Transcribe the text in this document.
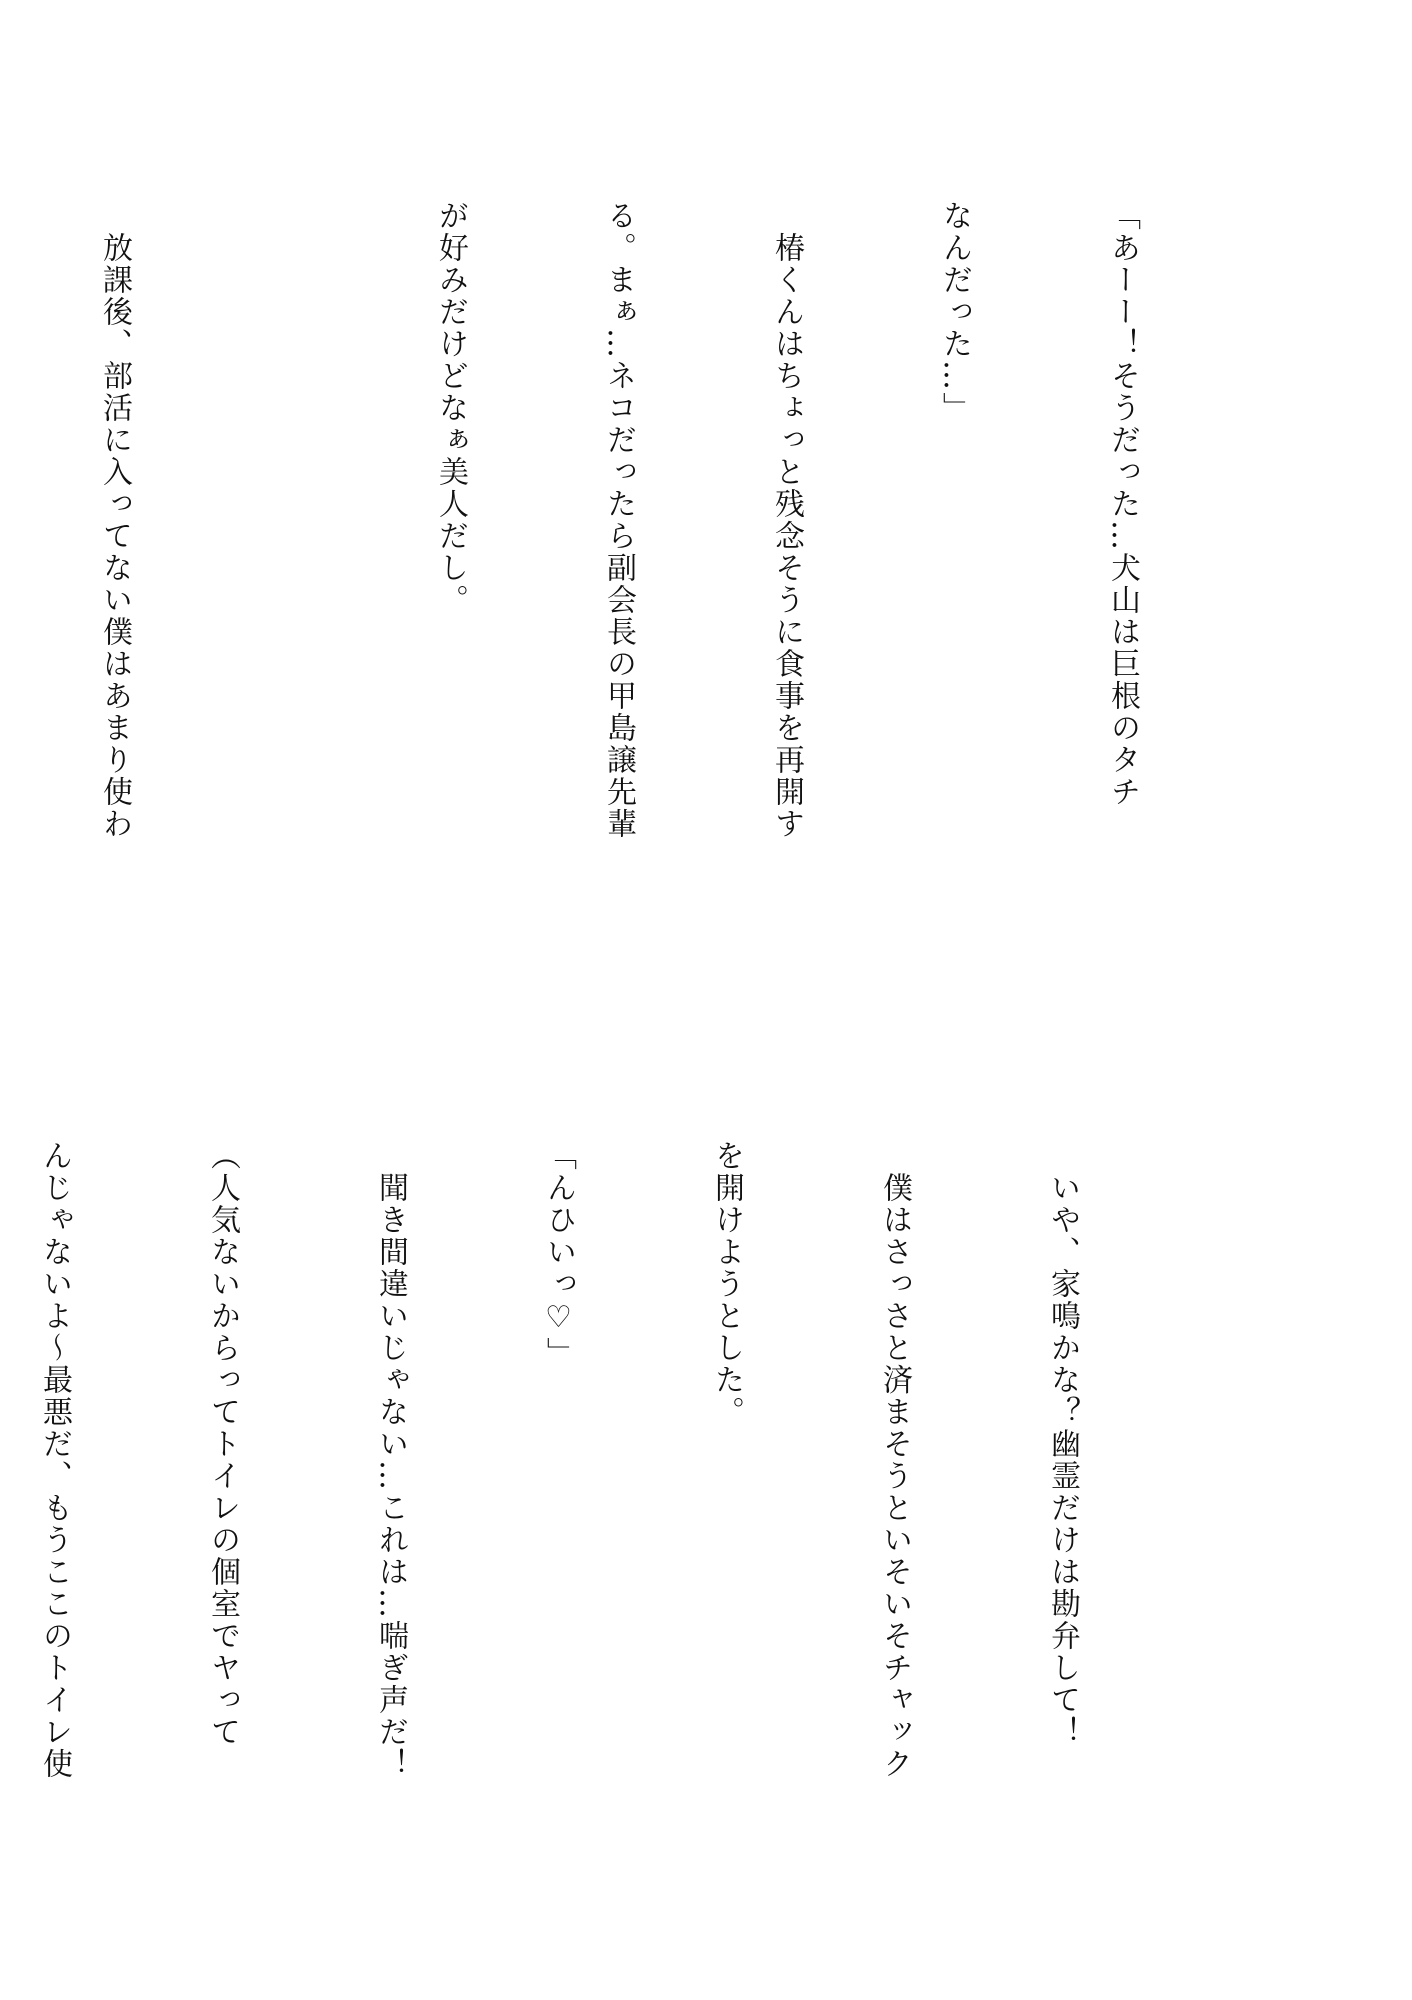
「あーー！そうだった…犬山は巨根のタチ

なんだった…」

　椿くんはちょっと残念そうに食事を再開す

る。まぁ…ネコだったら副会長の甲島譲先輩

が好みだけどなぁ美人だし。

　放課後、部活に入ってない僕はあまり使わ

　いや、家鳴かな？幽霊だけは勘弁して！

　僕はさっさと済まそうといそいそチャック

を開けようとした。

「んひいっ♡」

　聞き間違いじゃない…これは…喘ぎ声だ！

（人気ないからってトイレの個室でヤって

んじゃないよ〜最悪だ、もうここのトイレ使
